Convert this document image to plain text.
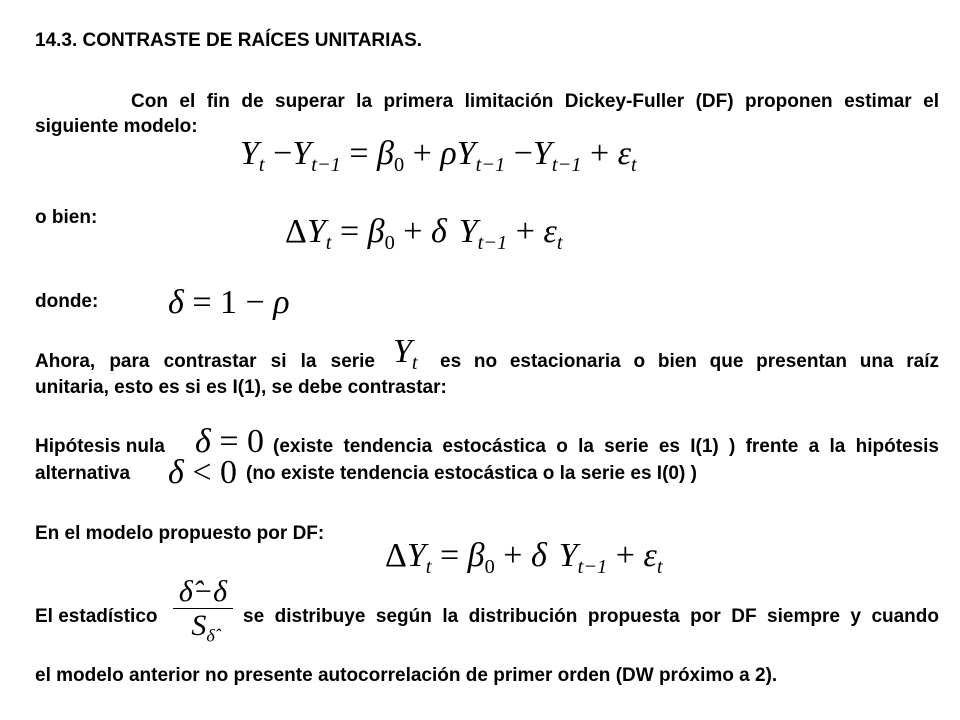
14.3. CONTRASTE DE RAÍCES UNITARIAS.
Con el fin de superar la primera limitación Dickey-Fuller (DF) proponen estimar el
siguiente modelo:
$Y_t -Y_{t-1} = \beta_0 + \rho Y_{t-1} -Y_{t-1} + \varepsilon_t$
o bien:	$\Delta Y_t = \beta_0 + \delta$ $Y_{t-1} + \varepsilon_t$
donde: δ = 1 − ρ
Ahora, para contrastar si la serie $Y_t$ es no estacionaria o bien que presentan una raíz
unitaria, esto es si es I(1), se debe contrastar:
Hipótesis nula δ = 0 (existe tendencia estocástica o la serie es I(1) ) frente a la hipótesis
alternativa δ < 0 (no existe tendencia estocástica o la serie es I(0) )
En el modelo propuesto por DF:
$\Delta Y_t = \beta_0 + \delta$ $Y_{t-1} + \varepsilon_t$
El estadístico
δ̂−δ
$S_{\deltâ}$
se distribuye según la distribución propuesta por DF siempre y cuando
el modelo anterior no presente autocorrelación de primer orden (DW próximo a 2).
